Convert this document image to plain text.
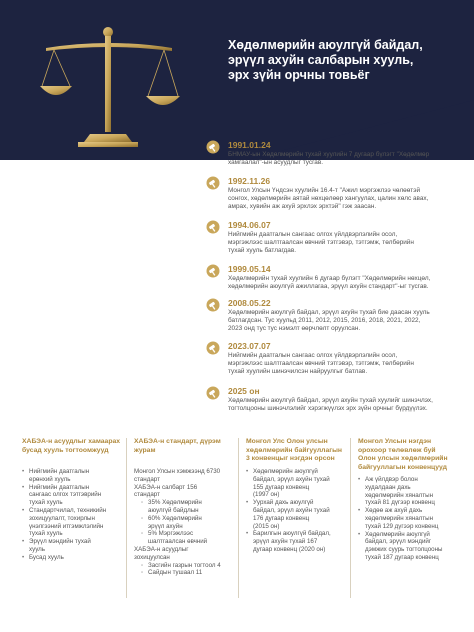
Хөдөлмөрийн аюулгүй байдал,
эрүүл ахуйн салбарын хууль,
эрх зүйн орчны товьёг
1991.01.24
БНМАУ-ын Хөдөлмөрийн тухай хуулийн 7 дугаар бүлэгт "Хөдөлмөр
хамгаалал"-ын асуудлыг тусгав.
1992.11.26
Монгол Улсын Үндсэн хуулийн 16.4-т "Ажил мэргэжлээ чөлөөтэй
сонгох, хөдөлмөрийн аятай нөхцөлөөр хангуулах, цалин хөлс авах,
амрах, хувийн аж ахуй эрхлэх эрхтэй" гэж заасан.
1994.06.07
Нийгмийн даатгалын сангаас олгох үйлдвэрлэлийн осол,
мэргэжлээс шалтгаалсан өвчний тэтгэвэр, тэтгэмж, төлбөрийн
тухай хууль батлагдав.
1999.05.14
Хөдөлмөрийн тухай хуулийн 6 дугаар бүлэгт "Хөдөлмөрийн нөхцөл,
хөдөлмөрийн аюулгүй ажиллагаа, эрүүл ахуйн стандарт"-ыг тусгав.
2008.05.22
Хөдөлмөрийн аюулгүй байдал, эрүүл ахуйн тухай бие даасан хууль
батлагдсан. Тус хуульд 2011, 2012, 2015, 2016, 2018, 2021, 2022,
2023 онд тус тус нэмэлт өөрчлөлт оруулсан.
2023.07.07
Нийгмийн даатгалын сангаас олгох үйлдвэрлэлийн осол,
мэргэжлээс шалтгаалсан өвчний тэтгэвэр, тэтгэмж, төлбөрийн
тухай хуулийн шинэчилсэн найруулгыг батлав.
2025 он
Хөдөлмөрийн аюулгүй байдал, эрүүл ахуйн тухай хуулийг шинэчлэх,
тогтолцооны шинэчлэлийг хэрэгжүүлэх эрх зүйн орчныг бүрдүүлэх.
ХАБЭА-н асуудлыг хамаарах
бусад хууль тогтоомжууд
• Нийгмийн даатгалын
ерөнхий хууль
• Нийгмийн даатгалын
сангаас олгох тэтгэврийн
тухай хууль
• Стандартчилал, техникийн
зохицуулалт, тохирлын
үнэлгээний итгэмжлэлийн
тухай хууль
• Эрүүл мэндийн тухай
хууль
• Бусад хууль
ХАБЭА-н стандарт, дүрэм
журам
Монгол Улсын хэмжээнд 6730
стандарт
ХАБЭА-н салбарт 156
стандарт
◦ 35% Хөдөлмөрийн
аюулгүй байдлын
◦ 60% Хөдөлмөрийн
эрүүл ахуйн
◦ 5% Мэргэжлээс
шалтгаалсан өвчний
ХАБЭА-н асуудлыг
зохицуулсан
◦ Засгийн газрын тогтоол 4
◦ Сайдын тушаал 11
Монгол Улс Олон улсын
хөдөлмөрийн байгууллагын
3 конвенцыг нэгдэн орсон
• Хөдөлмөрийн аюулгүй
байдал, эрүүл ахуйн тухай
155 дугаар конвенц
(1997 он)
• Уурхай дахь аюулгүй
байдал, эрүүл ахуйн тухай
176 дугаар конвенц
(2015 он)
• Барилгын аюулгүй байдал,
эрүүл ахуйн тухай 167
дугаар конвенц (2020 он)
Монгол Улсын нэгдэн
орохоор төлөвлөж буй
Олон улсын хөдөлмөрийн
байгууллагын конвенцууд
• Аж үйлдвэр болон
худалдаан дахь
хөдөлмөрийн хяналтын
тухай 81 дүгээр конвенц
• Хөдөө аж ахуй дахь
хөдөлмөрийн хяналтын
тухай 129 дүгээр конвенц
• Хөдөлмөрийн аюулгүй
байдал, эрүүл мэндийг
дэмжих суурь тогтолцооны
тухай 187 дугаар конвенц
